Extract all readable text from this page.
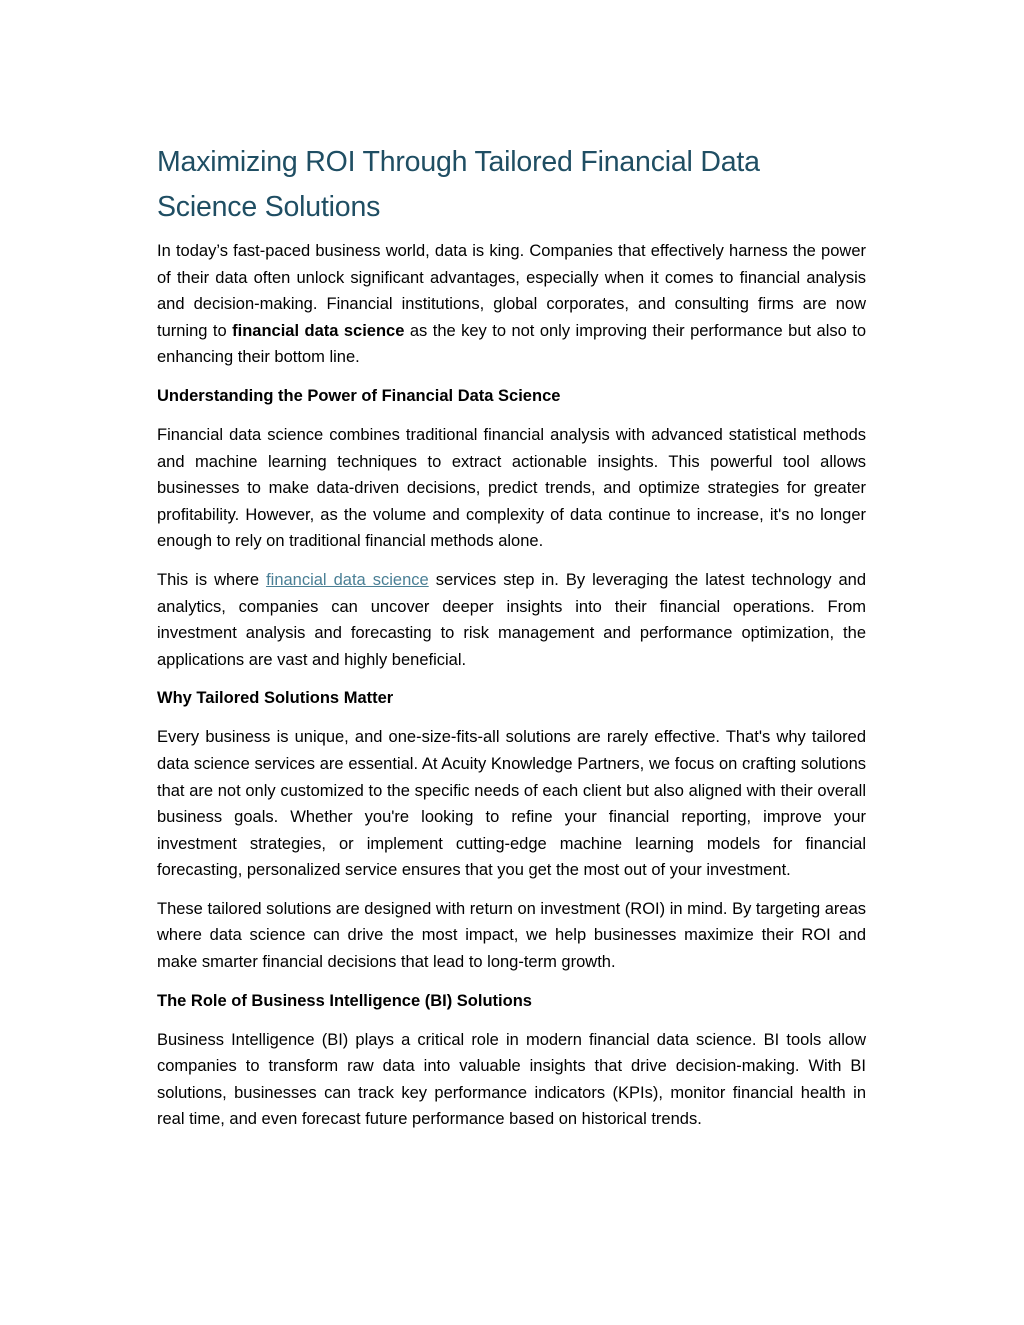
Maximizing ROI Through Tailored Financial Data Science Solutions

In today’s fast-paced business world, data is king. Companies that effectively harness the power of their data often unlock significant advantages, especially when it comes to financial analysis and decision-making. Financial institutions, global corporates, and consulting firms are now turning to financial data science as the key to not only improving their performance but also to enhancing their bottom line.

Understanding the Power of Financial Data Science

Financial data science combines traditional financial analysis with advanced statistical methods and machine learning techniques to extract actionable insights. This powerful tool allows businesses to make data-driven decisions, predict trends, and optimize strategies for greater profitability. However, as the volume and complexity of data continue to increase, it's no longer enough to rely on traditional financial methods alone.

This is where financial data science services step in. By leveraging the latest technology and analytics, companies can uncover deeper insights into their financial operations. From investment analysis and forecasting to risk management and performance optimization, the applications are vast and highly beneficial.

Why Tailored Solutions Matter

Every business is unique, and one-size-fits-all solutions are rarely effective. That's why tailored data science services are essential. At Acuity Knowledge Partners, we focus on crafting solutions that are not only customized to the specific needs of each client but also aligned with their overall business goals. Whether you're looking to refine your financial reporting, improve your investment strategies, or implement cutting-edge machine learning models for financial forecasting, personalized service ensures that you get the most out of your investment.

These tailored solutions are designed with return on investment (ROI) in mind. By targeting areas where data science can drive the most impact, we help businesses maximize their ROI and make smarter financial decisions that lead to long-term growth.

The Role of Business Intelligence (BI) Solutions

Business Intelligence (BI) plays a critical role in modern financial data science. BI tools allow companies to transform raw data into valuable insights that drive decision-making. With BI solutions, businesses can track key performance indicators (KPIs), monitor financial health in real time, and even forecast future performance based on historical trends.
